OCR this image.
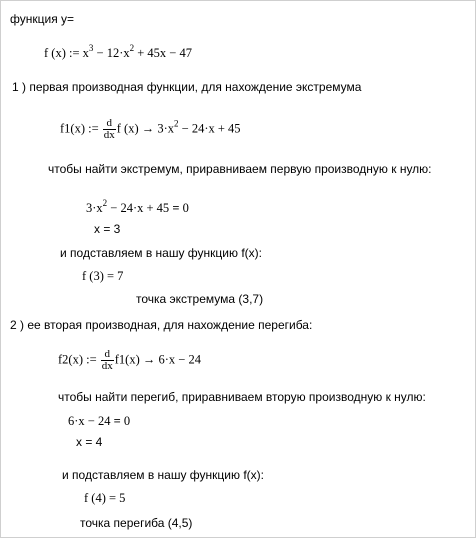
функция y=
f (x) := $x^3 - 12\cdot x^2 + 45x - 47$
1 ) первая производная функции, для нахождение экстремума
f1(x) := $\frac{d}{dx}$ f $(x) \to 3\cdot x^2 - 24\cdot x + 45$
чтобы найти экстремум, приравниваем первую производную к нулю:
$3\cdot x^2 - 24\cdot x + 45 = 0$
x = 3
и подставляем в нашу функцию f(x):
f (3) = 7
точка экстремума (3,7)
2 ) ее вторая производная, для нахождение перегиба:
f2(x) := $\frac{d}{dx} f1(x) \to 6\cdot x - 24$
чтобы найти перегиб, приравниваем вторую производную к нулю:
6·x − 24 = 0
x = 4
и подставляем в нашу функцию f(x):
f (4) = 5
точка перегиба (4,5)
